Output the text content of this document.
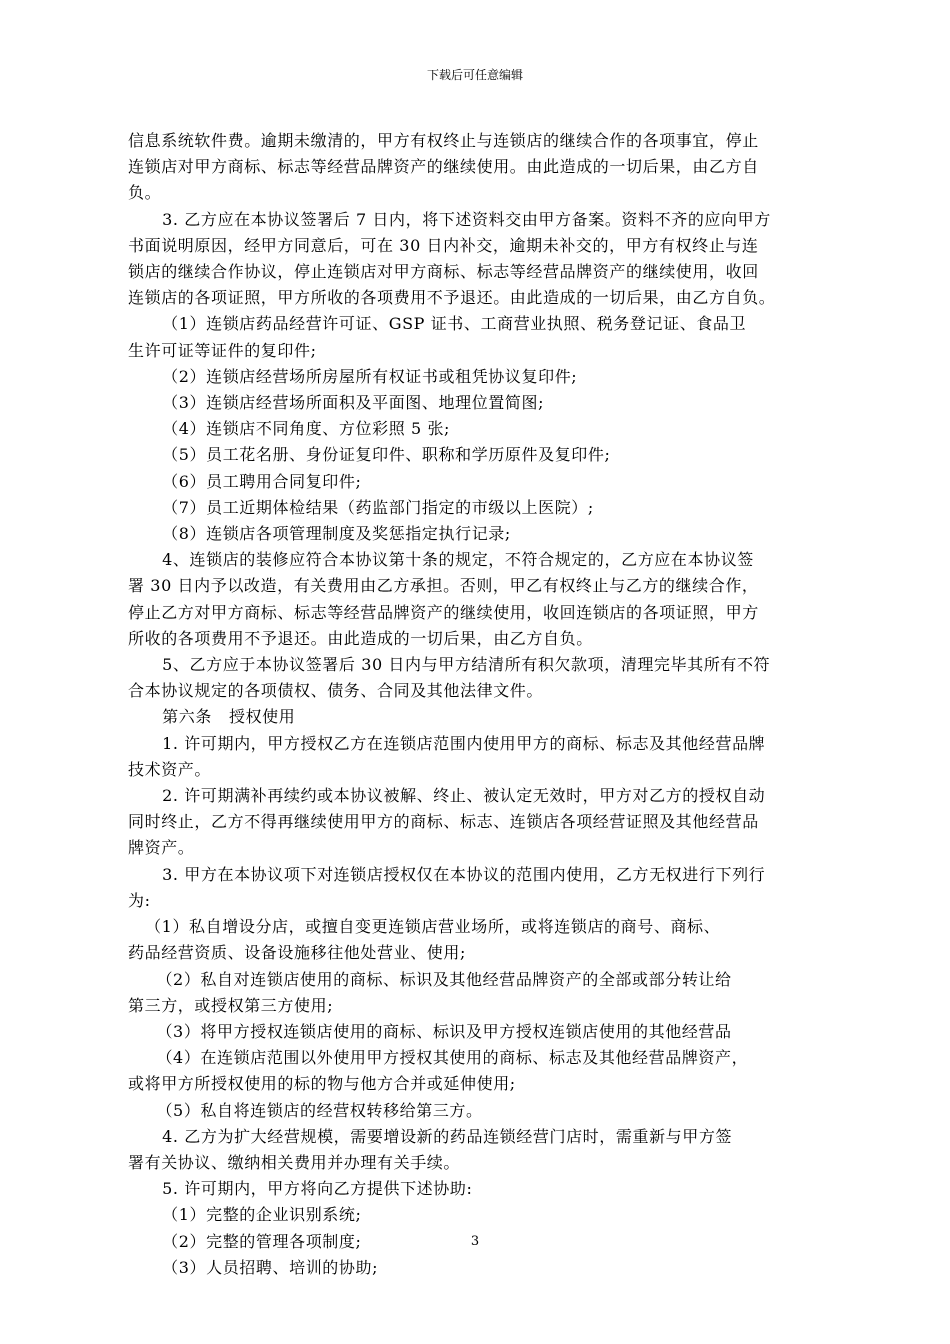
下载后可任意编辑

信息系统软件费。逾期未缴清的，甲方有权终止与连锁店的继续合作的各项事宜，停止

连锁店对甲方商标、标志等经营品牌资产的继续使用。由此造成的一切后果，由乙方自

负。

3. 乙方应在本协议签署后 7 日内，将下述资料交由甲方备案。资料不齐的应向甲方

书面说明原因，经甲方同意后，可在 30 日内补交，逾期未补交的，甲方有权终止与连

锁店的继续合作协议，停止连锁店对甲方商标、标志等经营品牌资产的继续使用，收回

连锁店的各项证照，甲方所收的各项费用不予退还。由此造成的一切后果，由乙方自负。

（1）连锁店药品经营许可证、GSP 证书、工商营业执照、税务登记证、食品卫

生许可证等证件的复印件;

（2）连锁店经营场所房屋所有权证书或租凭协议复印件;

（3）连锁店经营场所面积及平面图、地理位置简图;

（4）连锁店不同角度、方位彩照 5 张;

（5）员工花名册、身份证复印件、职称和学历原件及复印件;

（6）员工聘用合同复印件;

（7）员工近期体检结果（药监部门指定的市级以上医院）;

（8）连锁店各项管理制度及奖惩指定执行记录;

4、连锁店的装修应符合本协议第十条的规定，不符合规定的，乙方应在本协议签

署 30 日内予以改造，有关费用由乙方承担。否则，甲乙有权终止与乙方的继续合作，

停止乙方对甲方商标、标志等经营品牌资产的继续使用，收回连锁店的各项证照，甲方

所收的各项费用不予退还。由此造成的一切后果，由乙方自负。

5、乙方应于本协议签署后 30 日内与甲方结清所有积欠款项，清理完毕其所有不符

合本协议规定的各项债权、债务、合同及其他法律文件。

第六条   授权使用

1. 许可期内，甲方授权乙方在连锁店范围内使用甲方的商标、标志及其他经营品牌

技术资产。

2. 许可期满补再续约或本协议被解、终止、被认定无效时，甲方对乙方的授权自动

同时终止，乙方不得再继续使用甲方的商标、标志、连锁店各项经营证照及其他经营品

牌资产。

3. 甲方在本协议项下对连锁店授权仅在本协议的范围内使用，乙方无权进行下列行

为:

（1）私自增设分店，或擅自变更连锁店营业场所，或将连锁店的商号、商标、

药品经营资质、设备设施移往他处营业、使用;

（2）私自对连锁店使用的商标、标识及其他经营品牌资产的全部或部分转让给

第三方，或授权第三方使用;

（3）将甲方授权连锁店使用的商标、标识及甲方授权连锁店使用的其他经营品

（4）在连锁店范围以外使用甲方授权其使用的商标、标志及其他经营品牌资产，

或将甲方所授权使用的标的物与他方合并或延伸使用;

（5）私自将连锁店的经营权转移给第三方。

4. 乙方为扩大经营规模，需要增设新的药品连锁经营门店时，需重新与甲方签

署有关协议、缴纳相关费用并办理有关手续。

5. 许可期内，甲方将向乙方提供下述协助:

（1）完整的企业识别系统;

（2）完整的管理各项制度;

（3）人员招聘、培训的协助;

3
